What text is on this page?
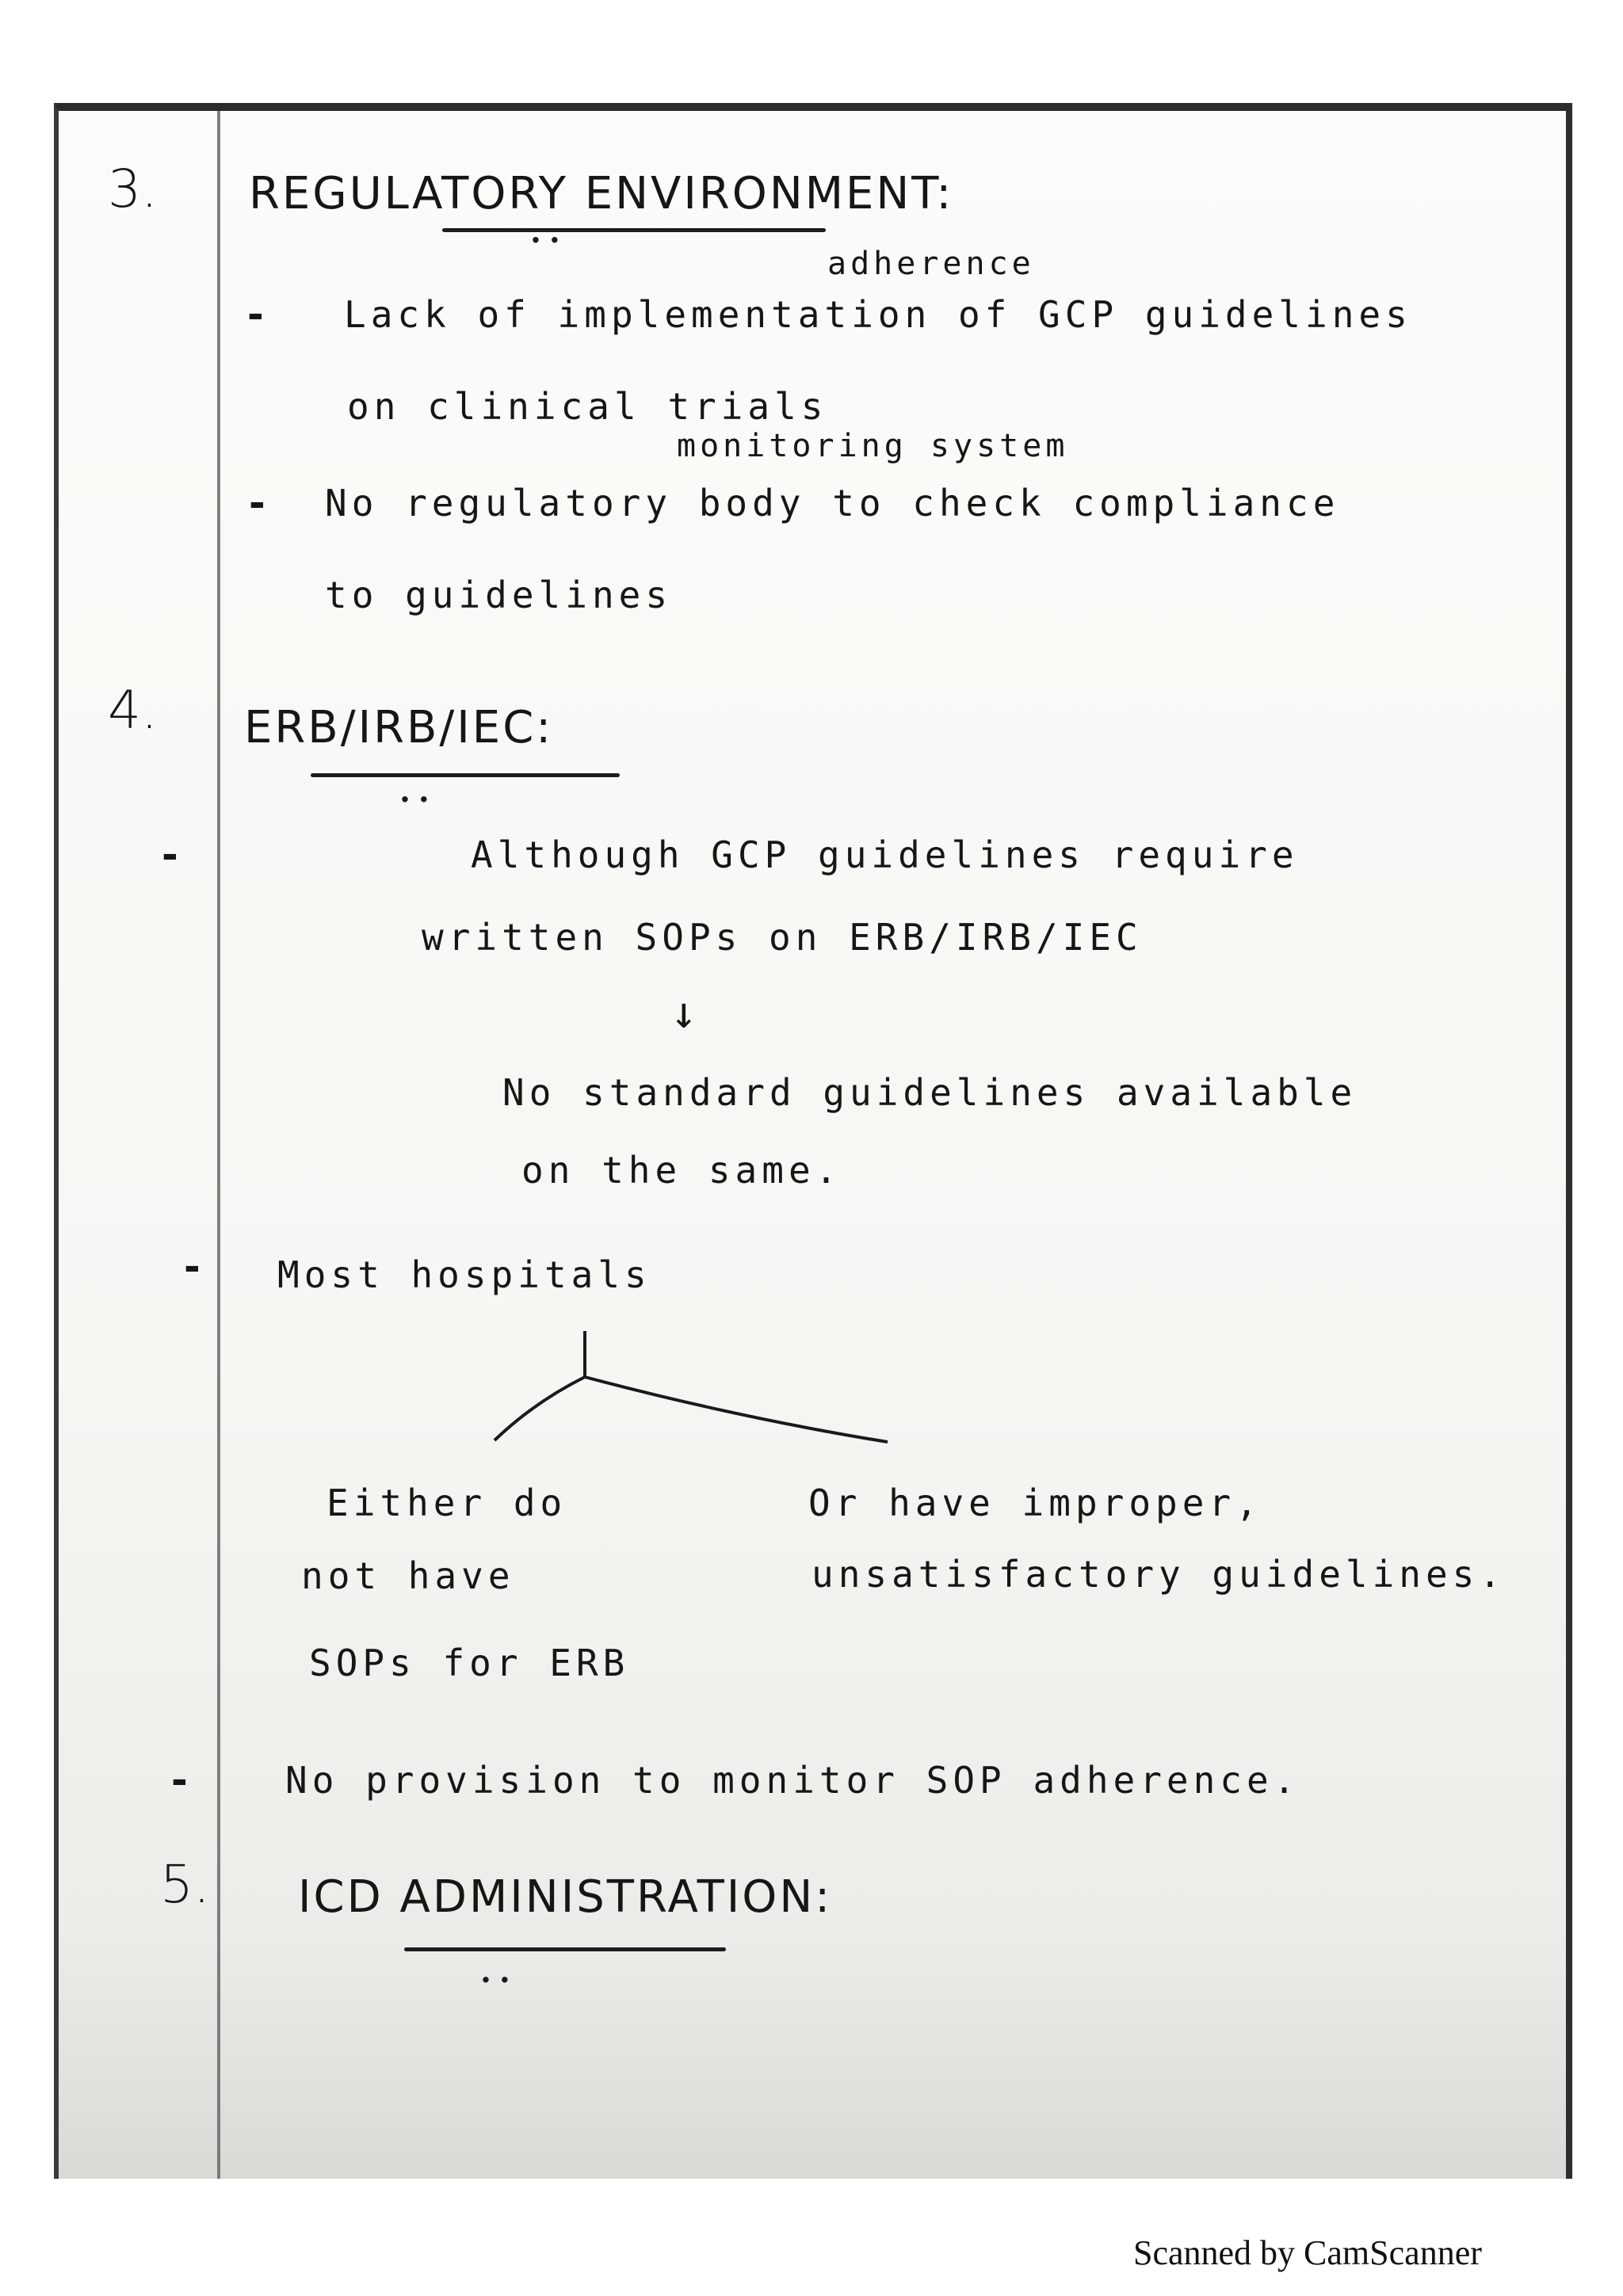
3. REGULATORY ENVIRONMENT:
··
adherence
- Lack of implementation of GCP guidelines
on clinical trials
monitoring system
- No regulatory body to check compliance
to guidelines
4. ERB/IRB/IEC:
··
-	Although GCP guidelines require
written SOPs on ERB/IRB/IEC
↓
No standard guidelines available
on the same.
- Most hospitals
Either do
not have
SOPs for ERB
Or have improper,
unsatisfactory guidelines.
-	No provision to monitor SOP adherence.
5. ICD ADMINISTRATION:
··
Scanned by CamScanner
